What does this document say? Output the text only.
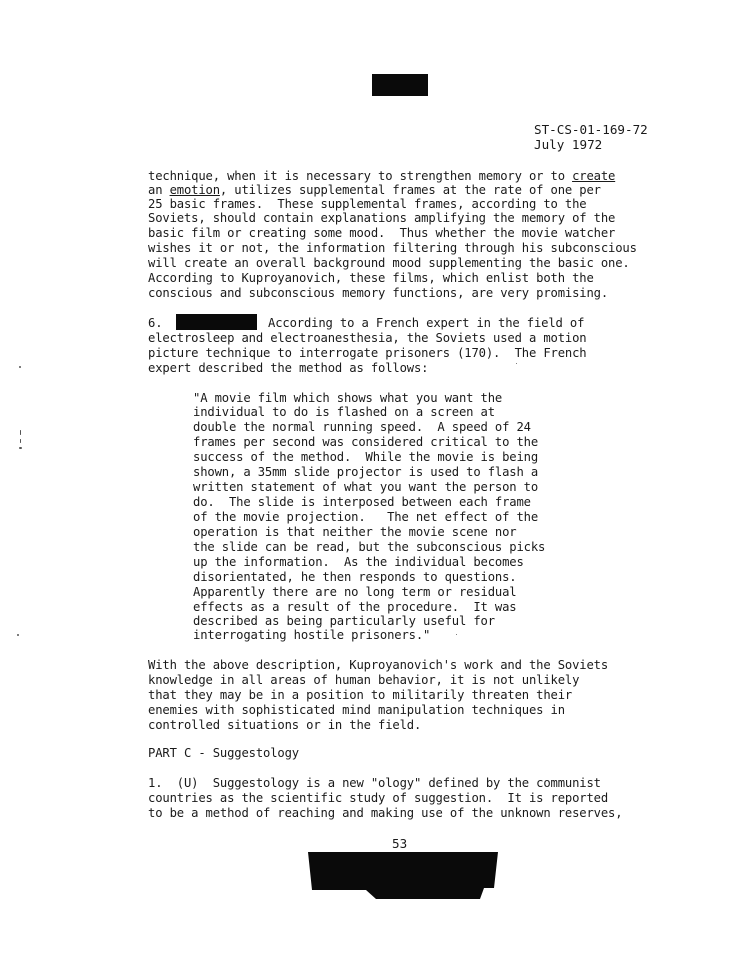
ST-CS-01-169-72
July 1972
technique, when it is necessary to strengthen memory or to create
an emotion, utilizes supplemental frames at the rate of one per
25 basic frames.  These supplemental frames, according to the
Soviets, should contain explanations amplifying the memory of the
basic film or creating some mood.  Thus whether the movie watcher
wishes it or not, the information filtering through his subconscious
will create an overall background mood supplementing the basic one.
According to Kuproyanovich, these films, which enlist both the
conscious and subconscious memory functions, are very promising.
6.	According to a French expert in the field of
electrosleep and electroanesthesia, the Soviets used a motion
picture technique to interrogate prisoners (170).  The French
expert described the method as follows:
"A movie film which shows what you want the
individual to do is flashed on a screen at
double the normal running speed.  A speed of 24
frames per second was considered critical to the
success of the method.  While the movie is being
shown, a 35mm slide projector is used to flash a
written statement of what you want the person to
do.  The slide is interposed between each frame
of the movie projection.   The net effect of the
operation is that neither the movie scene nor
the slide can be read, but the subconscious picks
up the information.  As the individual becomes
disorientated, he then responds to questions.
Apparently there are no long term or residual
effects as a result of the procedure.  It was
described as being particularly useful for
interrogating hostile prisoners."
With the above description, Kuproyanovich's work and the Soviets
knowledge in all areas of human behavior, it is not unlikely
that they may be in a position to militarily threaten their
enemies with sophisticated mind manipulation techniques in
controlled situations or in the field.
PART C - Suggestology
1.  (U)  Suggestology is a new "ology" defined by the communist
countries as the scientific study of suggestion.  It is reported
to be a method of reaching and making use of the unknown reserves,
53
